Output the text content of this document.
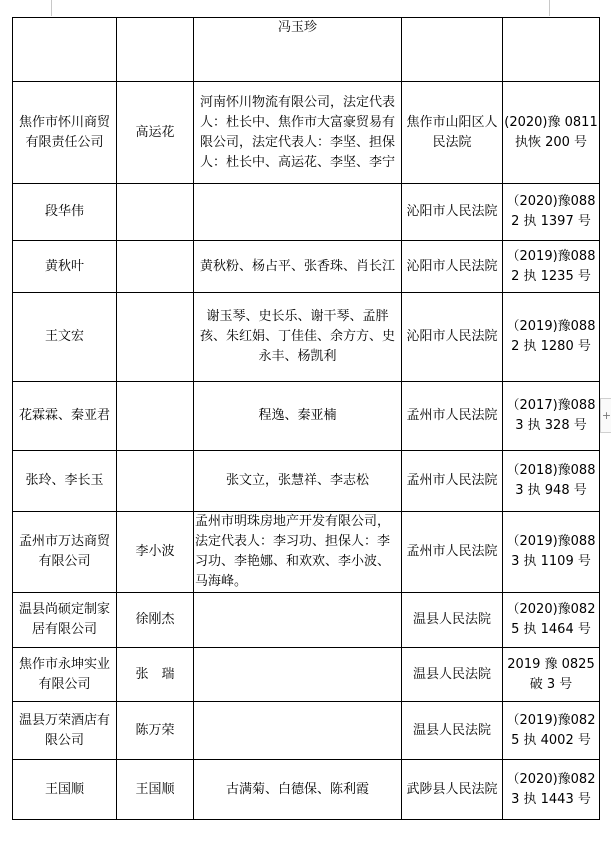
		冯玉珍		
焦作市怀川商贸有限责任公司	高运花	河南怀川物流有限公司，法定代表人：杜长中、焦作市大富豪贸易有限公司，法定代表人：李坚、担保人：杜长中、高运花、李坚、李宁	焦作市山阳区人民法院	(2020)豫 0811 执恢 200 号
段华伟			沁阳市人民法院	（2020)豫0882 执 1397 号
黄秋叶		黄秋粉、杨占平、张香珠、肖长江	沁阳市人民法院	（2019)豫0882 执 1235 号
王文宏		谢玉琴、史长乐、谢干琴、孟胖孩、朱红娟、丁佳佳、余方方、史永丰、杨凯利	沁阳市人民法院	（2019)豫0882 执 1280 号
花霖霖、秦亚君		程逸、秦亚楠	孟州市人民法院	（2017)豫0883 执 328 号
张玲、李长玉		张文立，张慧祥、李志松	孟州市人民法院	（2018)豫0883 执 948 号
孟州市万达商贸有限公司	李小波	孟州市明珠房地产开发有限公司，法定代表人：李习功、担保人：李习功、李艳娜、和欢欢、李小波、马海峰。	孟州市人民法院	（2019)豫0883 执 1109 号
温县尚硕定制家居有限公司	徐刚杰		温县人民法院	（2020)豫0825 执 1464 号
焦作市永坤实业有限公司	张　瑞		温县人民法院	2019 豫 0825 破 3 号
温县万荣酒店有限公司	陈万荣		温县人民法院	（2019)豫0825 执 4002 号
王国顺	王国顺	古满菊、白德保、陈利霞	武陟县人民法院	（2020)豫0823 执 1443 号
+
